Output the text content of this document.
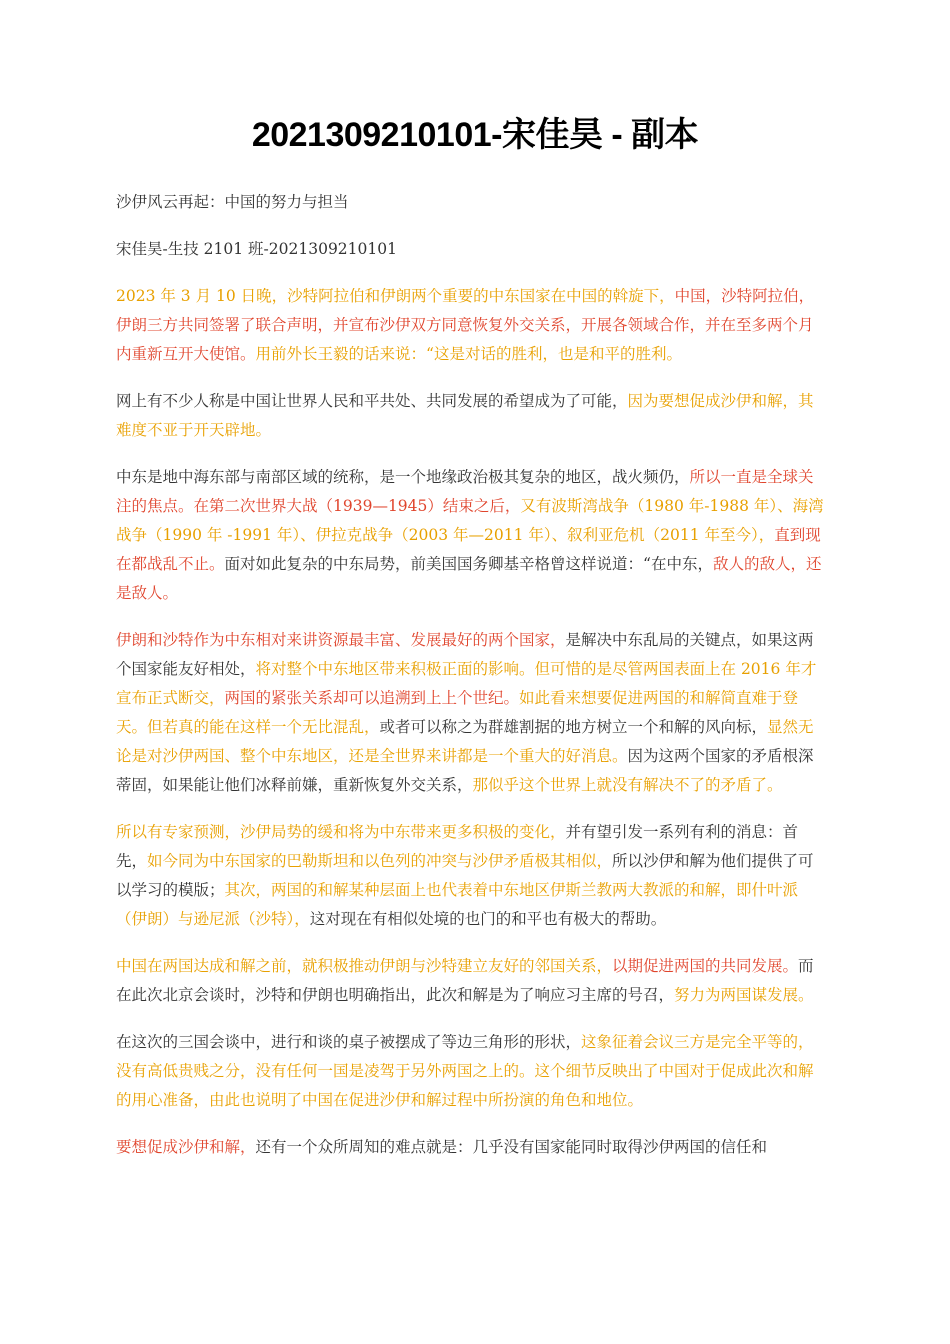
2021309210101-宋佳昊 - 副本

沙伊风云再起：中国的努力与担当

宋佳昊-生技 2101 班-2021309210101

2023 年 3 月 10 日晚，沙特阿拉伯和伊朗两个重要的中东国家在中国的斡旋下，中国，沙特阿拉伯，伊朗三方共同签署了联合声明，并宣布沙伊双方同意恢复外交关系，开展各领域合作，并在至多两个月内重新互开大使馆。用前外长王毅的话来说：“这是对话的胜利，也是和平的胜利。

网上有不少人称是中国让世界人民和平共处、共同发展的希望成为了可能，因为要想促成沙伊和解，其难度不亚于开天辟地。

中东是地中海东部与南部区域的统称，是一个地缘政治极其复杂的地区，战火频仍，所以一直是全球关注的焦点。在第二次世界大战（1939—1945）结束之后，又有波斯湾战争（1980 年-1988 年）、海湾战争（1990 年 -1991 年）、伊拉克战争（2003 年—2011 年）、叙利亚危机（2011 年至今），直到现在都战乱不止。面对如此复杂的中东局势，前美国国务卿基辛格曾这样说道：“在中东，敌人的敌人，还是敌人。

伊朗和沙特作为中东相对来讲资源最丰富、发展最好的两个国家，是解决中东乱局的关键点，如果这两个国家能友好相处，将对整个中东地区带来积极正面的影响。但可惜的是尽管两国表面上在 2016 年才宣布正式断交，两国的紧张关系却可以追溯到上上个世纪。如此看来想要促进两国的和解简直难于登天。但若真的能在这样一个无比混乱，或者可以称之为群雄割据的地方树立一个和解的风向标，显然无论是对沙伊两国、整个中东地区，还是全世界来讲都是一个重大的好消息。因为这两个国家的矛盾根深蒂固，如果能让他们冰释前嫌，重新恢复外交关系，那似乎这个世界上就没有解决不了的矛盾了。

所以有专家预测，沙伊局势的缓和将为中东带来更多积极的变化，并有望引发一系列有利的消息：首先，如今同为中东国家的巴勒斯坦和以色列的冲突与沙伊矛盾极其相似，所以沙伊和解为他们提供了可以学习的模版；其次，两国的和解某种层面上也代表着中东地区伊斯兰教两大教派的和解，即什叶派（伊朗）与逊尼派（沙特），这对现在有相似处境的也门的和平也有极大的帮助。

中国在两国达成和解之前，就积极推动伊朗与沙特建立友好的邻国关系，以期促进两国的共同发展。而在此次北京会谈时，沙特和伊朗也明确指出，此次和解是为了响应习主席的号召，努力为两国谋发展。

在这次的三国会谈中，进行和谈的桌子被摆成了等边三角形的形状，这象征着会议三方是完全平等的，没有高低贵贱之分，没有任何一国是凌驾于另外两国之上的。这个细节反映出了中国对于促成此次和解的用心准备，由此也说明了中国在促进沙伊和解过程中所扮演的角色和地位。

要想促成沙伊和解，还有一个众所周知的难点就是：几乎没有国家能同时取得沙伊两国的信任和
